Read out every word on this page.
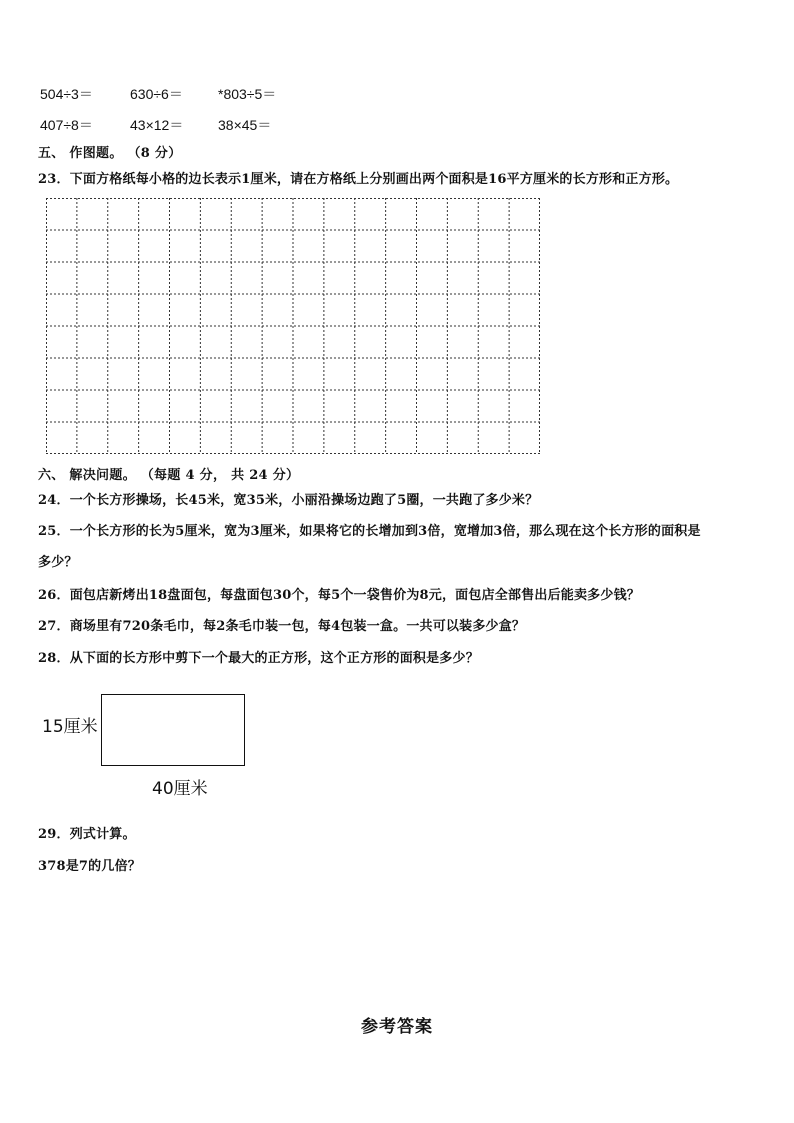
504÷3＝	630÷6＝	*803÷5＝
407÷8＝	43×12＝ 38×45＝
五、 作图题。 （8 分）
23．下面方格纸每小格的边长表示1厘米，请在方格纸上分别画出两个面积是16平方厘米的长方形和正方形。
六、 解决问题。 （每题 4 分， 共 24 分）
24．一个长方形操场，长45米，宽35米，小丽沿操场边跑了5圈，一共跑了多少米？
25．一个长方形的长为5厘米，宽为3厘米，如果将它的长增加到3倍，宽增加3倍，那么现在这个长方形的面积是
多少？
26．面包店新烤出18盘面包，每盘面包30个，每5个一袋售价为8元，面包店全部售出后能卖多少钱？
27．商场里有720条毛巾，每2条毛巾装一包，每4包装一盒。一共可以装多少盒？
28．从下面的长方形中剪下一个最大的正方形，这个正方形的面积是多少？
15厘米
40厘米
29．列式计算。
378是7的几倍？
参考答案
